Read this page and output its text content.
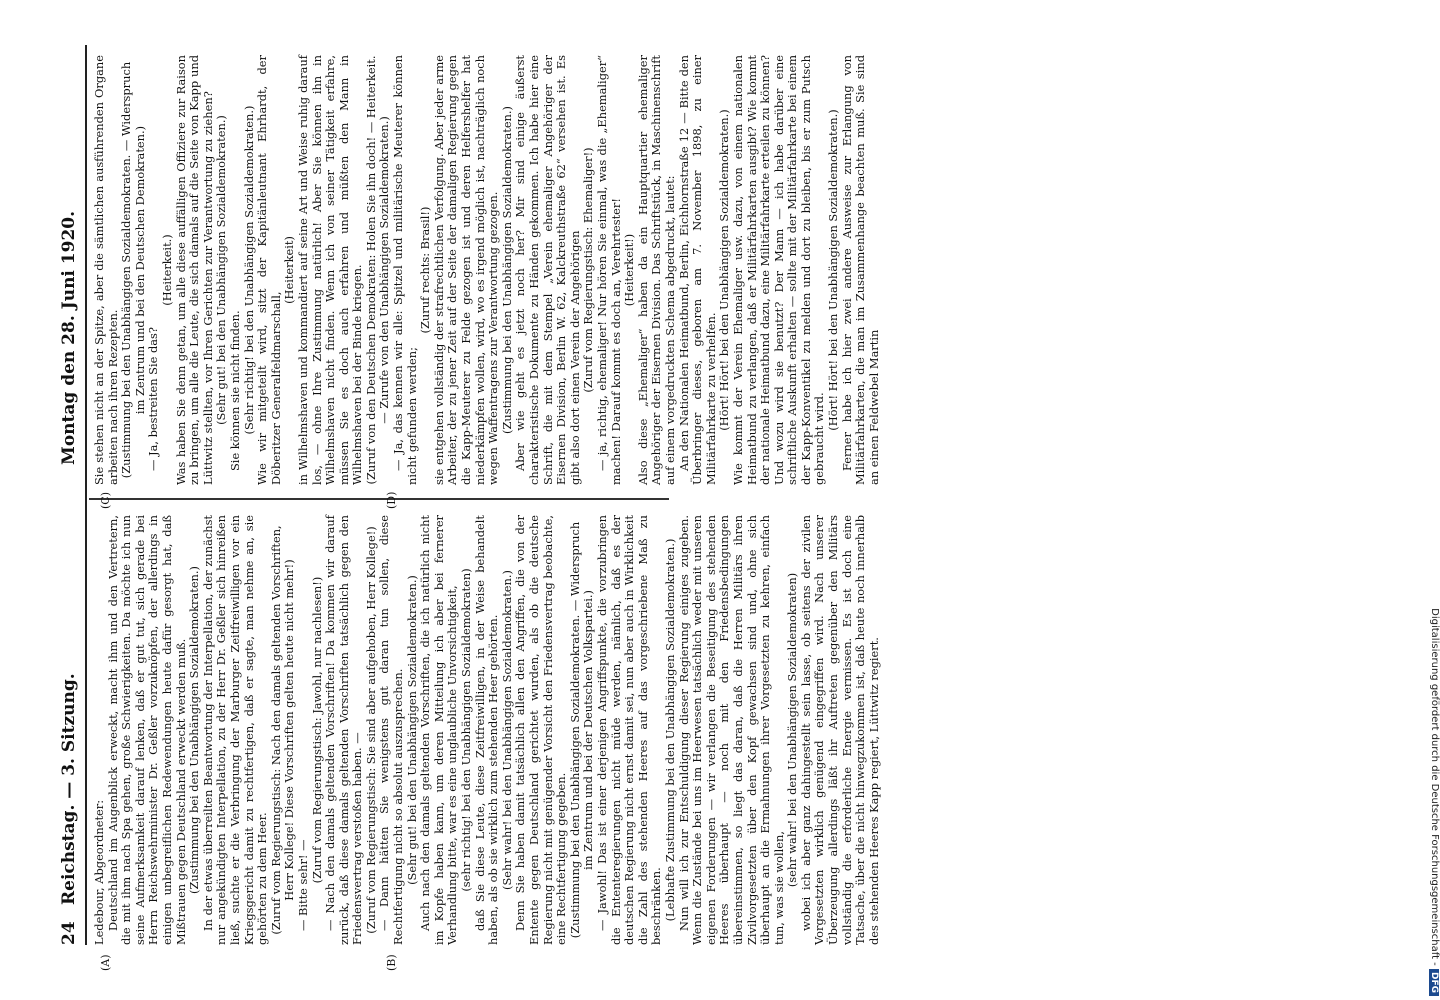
24
Reichstag. — 3. Sitzung.
Montag den 28. Juni 1920.
(A)	(B)
(C)	(D)

Ledebour, Abgeordneter: Deutschland im Augenblick erweckt, macht ihm und den Vertretern, die mit ihm nach Spa gehen, große Schwierigkeiten. Da möchte ich nun seine Aufmerksamkeit darauf lenken, daß er gut tut, sich gerade bei Herrn Reichswehrminister Dr. Geßler vorzuknöpfen, der allerdings in einigen unbegreiflichen Redewendungen heute dafür gesorgt hat, daß Mißtrauen gegen Deutschland erweckt werden muß. (Zustimmung bei den Unabhängigen Sozialdemokraten.) In der etwas überreilten Beantwortung der Interpellation, der zunächst nur angekündigten Interpellation, zu der Herr Dr. Geßler sich hinreißen ließ, suchte er die Verbringung der Marburger Zeitfreiwilligen vor ein Kriegsgericht damit zu rechtfertigen, daß er sagte, man nehme an, sie gehörten zu dem Heer. (Zuruf vom Regierungstisch: Nach den damals geltenden Vorschriften, Herr Kollege! Diese Vorschriften gelten heute nicht mehr!) — Bitte sehr! —

(Zuruf vom Regierungstisch: Jawohl, nur nachlesen!) — Nach den damals geltenden Vorschriften! Da kommen wir darauf zurück, daß diese damals geltenden Vorschriften tatsächlich gegen den Friedensvertrag verstoßen haben. — (Zuruf vom Regierungstisch: Sie sind aber aufgehoben, Herr Kollege!) — Dann hätten Sie wenigstens gut daran tun sollen, diese Rechtfertigung nicht so absolut auszusprechen. (Sehr gut! bei den Unabhängigen Sozialdemokraten.) Auch nach den damals geltenden Vorschriften, die ich natürlich nicht im Kopfe haben kann, um deren Mitteilung ich aber bei fernerer Verhandlung bitte, war es eine unglaubliche Unvorsichtigkeit, (sehr richtig! bei den Unabhängigen Sozialdemokraten) daß Sie diese Leute, diese Zeitfreiwilligen, in der Weise behandelt haben, als ob sie wirklich zum stehenden Heer gehörten. (Sehr wahr! bei den Unabhängigen Sozialdemokraten.) Denn Sie haben damit tatsächlich allen den Angriffen, die von der Entente gegen Deutschland gerichtet wurden, als ob die deutsche Regierung nicht mit genügender Vorsicht den Friedensvertrag beobachte, eine Rechtfertigung gegeben. (Zustimmung bei den Unabhängigen Sozialdemokraten. — Widerspruch im Zentrum und bei der Deutschen Volkspartei.) — Jawohl! Das ist einer derjenigen Angriffspunkte, die vorzubringen die Ententeregierungen nicht müde werden, nämlich, daß es der deutschen Regierung nicht ernst damit sei, nun aber auch in Wirklichkeit die Zahl des stehenden Heeres auf das vorgeschriebene Maß zu beschränken. (Lebhafte Zustimmung bei den Unabhängigen Sozialdemokraten.) Nun will ich zur Entschuldigung dieser Regierung einiges zugeben. Wenn die Zustände bei uns im Heerwesen tatsächlich weder mit unseren eigenen Forderungen — wir verlangen die Beseitigung des stehenden Heeres überhaupt — noch mit den Friedensbedingungen übereinstimmen, so liegt das daran, daß die Herren Militärs ihren Zivilvorgesetzten über den Kopf gewachsen sind und, ohne sich überhaupt an die Ermahnungen ihrer Vorgesetzten zu kehren, einfach tun, was sie wollen,

(sehr wahr! bei den Unabhängigen Sozialdemokraten) wobei ich aber ganz dahingestellt sein lasse, ob seitens der zivilen Vorgesetzten wirklich genügend eingegriffen wird. Nach unserer Überzeugung allerdings läßt ihr Auftreten gegenüber den Militärs vollständig die erforderliche Energie vermissen. Es ist doch eine Tatsache, über die nicht hinwegzukommen ist, daß heute noch innerhalb des stehenden Heeres Kapp regiert, Lüttwitz regiert.

Sie stehen nicht an der Spitze, aber die sämtlichen ausführenden Organe arbeiten nach ihren Rezepten. (Zustimmung bei den Unabhängigen Sozialdemokraten. — Widerspruch im Zentrum und bei den Deutschen Demokraten.) — Ja, bestreiten Sie das?

(Heiterkeit.) Was haben Sie denn getan, um alle diese auffälligen Offiziere zur Raison zu bringen, um alle die Leute, die sich damals auf die Seite von Kapp und Lüttwitz stellten, vor Ihren Gerichten zur Verantwortung zu ziehen? (Sehr gut! bei den Unabhängigen Sozialdemokraten.) Sie können sie nicht finden. (Sehr richtig! bei den Unabhängigen Sozialdemokraten.) Wie wir mitgeteilt wird, sitzt der Kapitänleutnant Ehrhardt, der Döberitzer Generalfeldmarschall,

(Heiterkeit) in Wilhelmshaven und kommandiert auf seine Art und Weise ruhig darauf los, — ohne Ihre Zustimmung natürlich! Aber Sie können ihn in Wilhelmshaven nicht finden. Wenn ich von seiner Tätigkeit erfahre, müssen Sie es doch auch erfahren und müßten den Mann in Wilhelmshaven bei der Binde kriegen. (Zuruf von den Deutschen Demokraten: Holen Sie ihn doch! — Heiterkeit. — Zurufe von den Unabhängigen Sozialdemokraten.) — Ja, das kennen wir alle: Spitzel und militärische Meuterer können nicht gefunden werden;

(Zuruf rechts: Brasil!) sie entgehen vollständig der strafrechtlichen Verfolgung. Aber jeder arme Arbeiter, der zu jener Zeit auf der Seite der damaligen Regierung gegen die Kapp-Meuterer zu Felde gezogen ist und deren Helfershelfer hat niederkämpfen wollen, wird, wo es irgend möglich ist, nachträglich noch wegen Waffentragens zur Verantwortung gezogen. (Zustimmung bei den Unabhängigen Sozialdemokraten.) Aber wie geht es jetzt noch her? Mir sind einige äußerst charakteristische Dokumente zu Händen gekommen. Ich habe hier eine Schrift, die mit dem Stempel „Verein ehemaliger Angehöriger der Eisernen Division, Berlin W. 62, Kalckreuthstraße 62“ versehen ist. Es gibt also dort einen Verein der Angehörigen (Zuruf vom Regierungstisch: Ehemaliger!) — ja, richtig, ehemaliger! Nur hören Sie einmal, was die „Ehemaliger“ machen! Darauf kommt es doch an, Verehrtester! (Heiterkeit!) Also diese „Ehemaliger“ haben da ein Hauptquartier ehemaliger Angehöriger der Eisernen Division. Das Schriftstück, in Maschinenschrift auf einem vorgedruckten Schema abgedruckt, lautet: An den Nationalen Heimatbund, Berlin, Eichhornstraße 12 — Bitte den Überbringer dieses, geboren am 7. November 1898, zu einer Militärfahrkarte zu verhelfen. (Hört! Hört! bei den Unabhängigen Sozialdemokraten.) Wie kommt der Verein Ehemaliger usw. dazu, von einem nationalen Heimatbund zu verlangen, daß er Militärfahrkarten ausgibt? Wie kommt der nationale Heimatbund dazu, eine Militärfahrkarte erteilen zu können? Und wozu wird sie benutzt? Der Mann — ich habe darüber eine schriftliche Auskunft erhalten — sollte mit der Militärfahrkarte bei einem der Kapp-Konventikel zu melden und dort zu bleiben, bis er zum Putsch gebraucht wird.

(Hört! Hört! bei den Unabhängigen Sozialdemokraten.) Ferner habe ich hier zwei andere Ausweise zur Erlangung von Militärfahrkarten, die man im Zusammenhange beachten muß. Sie sind an einen Feldwebel Martin

Digitalisierung gefördert durch die Deutsche Forschungsgemeinschaft - DFG
